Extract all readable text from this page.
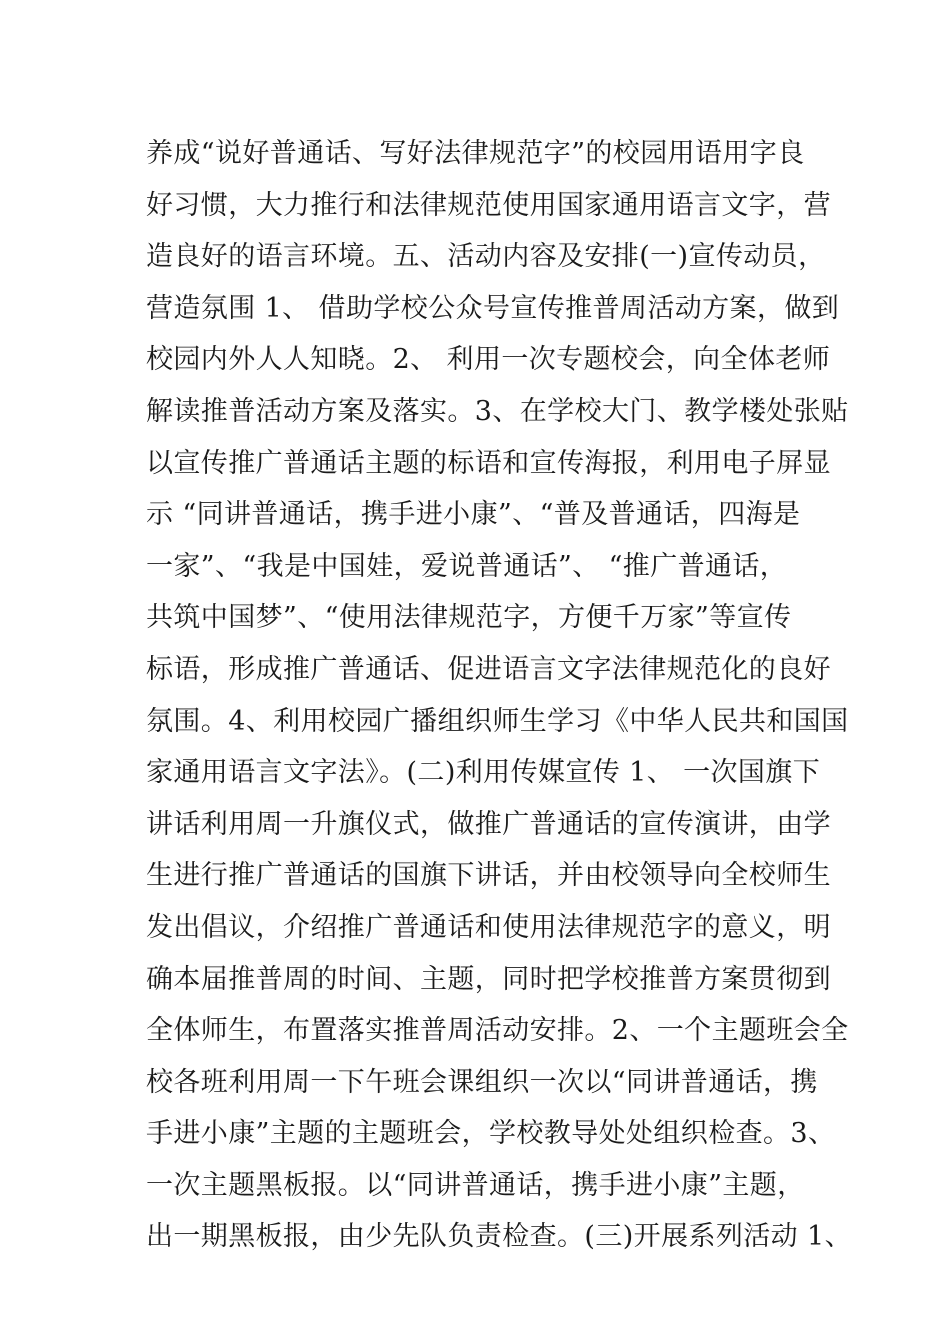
养成“说好普通话、写好法律规范字”的校园用语用字良
好习惯，大力推行和法律规范使用国家通用语言文字，营
造良好的语言环境。五、活动内容及安排(一)宣传动员，
营造氛围 1、 借助学校公众号宣传推普周活动方案，做到
校园内外人人知晓。2、 利用一次专题校会，向全体老师
解读推普活动方案及落实。3、在学校大门、教学楼处张贴
以宣传推广普通话主题的标语和宣传海报，利用电子屏显
示 “同讲普通话，携手进小康”、“普及普通话，四海是
一家”、“我是中国娃，爱说普通话”、 “推广普通话，
共筑中国梦”、“使用法律规范字，方便千万家”等宣传
标语，形成推广普通话、促进语言文字法律规范化的良好
氛围。4、利用校园广播组织师生学习《中华人民共和国国
家通用语言文字法》。(二)利用传媒宣传 1、 一次国旗下
讲话利用周一升旗仪式，做推广普通话的宣传演讲，由学
生进行推广普通话的国旗下讲话，并由校领导向全校师生
发出倡议，介绍推广普通话和使用法律规范字的意义，明
确本届推普周的时间、主题，同时把学校推普方案贯彻到
全体师生，布置落实推普周活动安排。2、一个主题班会全
校各班利用周一下午班会课组织一次以“同讲普通话，携
手进小康”主题的主题班会，学校教导处处组织检查。3、
一次主题黑板报。以“同讲普通话，携手进小康”主题，
出一期黑板报，由少先队负责检查。(三)开展系列活动 1、
